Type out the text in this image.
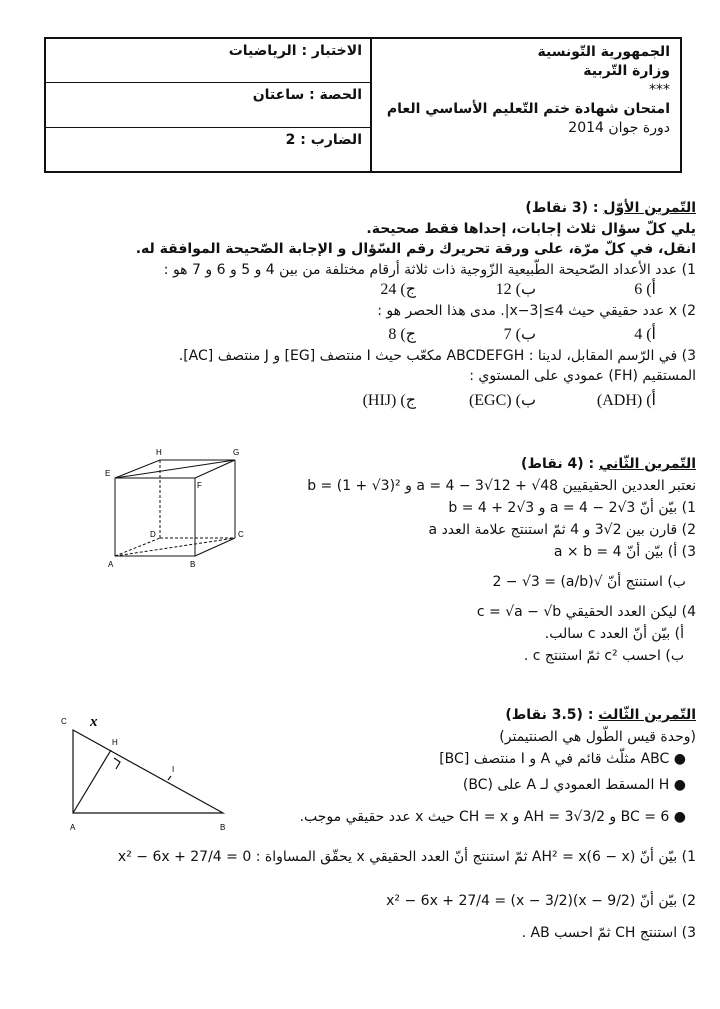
الاختبار : الرياضيات
الحصة : ساعتان
الضارب : 2
الجمهورية التّونسية
وزارة التّربية
***
امتحان شهادة ختم التّعليم الأساسي العام
دورة جوان 2014
التّمرين الأوّل : (3 نقاط)
يلي كلّ سؤال ثلاث إجابات، إحداها فقط صحيحة.
انقل، في كلّ مرّة، على ورقة تحريرك رقم السّؤال و الإجابة الصّحيحة الموافقة له.
1) عدد الأعداد الصّحيحة الطّبيعية الزّوجية ذات ثلاثة أرقام مختلفة من بين 4 و 5 و 6 و 7 هو :
أ) 6
ب) 12
ج) 24
2) x عدد حقيقي حيث 4≥|x−3|. مدى هذا الحصر هو :
أ) 4
ب) 7
ج) 8
3) في الرّسم المقابل، لدينا : ABCDEFGH مكعّب حيث I منتصف [EG] و J منتصف [AC].
المستقيم (FH) عمودي على المستوي :
أ) (ADH)
ب) (EGC)
ج) (HIJ)
التّمرين الثّاني : (4 نقاط)
نعتبر العددين الحقيقيين a = 4 − 3√12 + √48 و b = (1 + √3)²
1) بيّن أنّ a = 4 − 2√3 و b = 4 + 2√3
2) قارن بين 2√3 و 4 ثمّ استنتج علامة العدد a
3) أ) بيّن أنّ a × b = 4
ب) استنتج أنّ √(a/b) = 2 − √3
4) ليكن العدد الحقيقي c = √a − √b
أ) بيّن أنّ العدد c سالب.
ب) احسب c² ثمّ استنتج c .
التّمرين الثّالث : (3.5 نقاط)
(وحدة قيس الطّول هي الصنتيمتر)
● ABC مثلّث قائم في A و I منتصف [BC]
● H المسقط العمودي لـ A على (BC)
● BC = 6 و AH = 3√3/2 و CH = x حيث x عدد حقيقي موجب.
1) بيّن أنّ AH² = x(6 − x) ثمّ استنتج أنّ العدد الحقيقي x يحقّق المساواة : x² − 6x + 27/4 = 0
2) بيّن أنّ x² − 6x + 27/4 = (x − 3/2)(x − 9/2)
3) استنتج CH ثمّ احسب AB .
A	B
C
D
E
F
G
H
C
A	B
H
I
x
